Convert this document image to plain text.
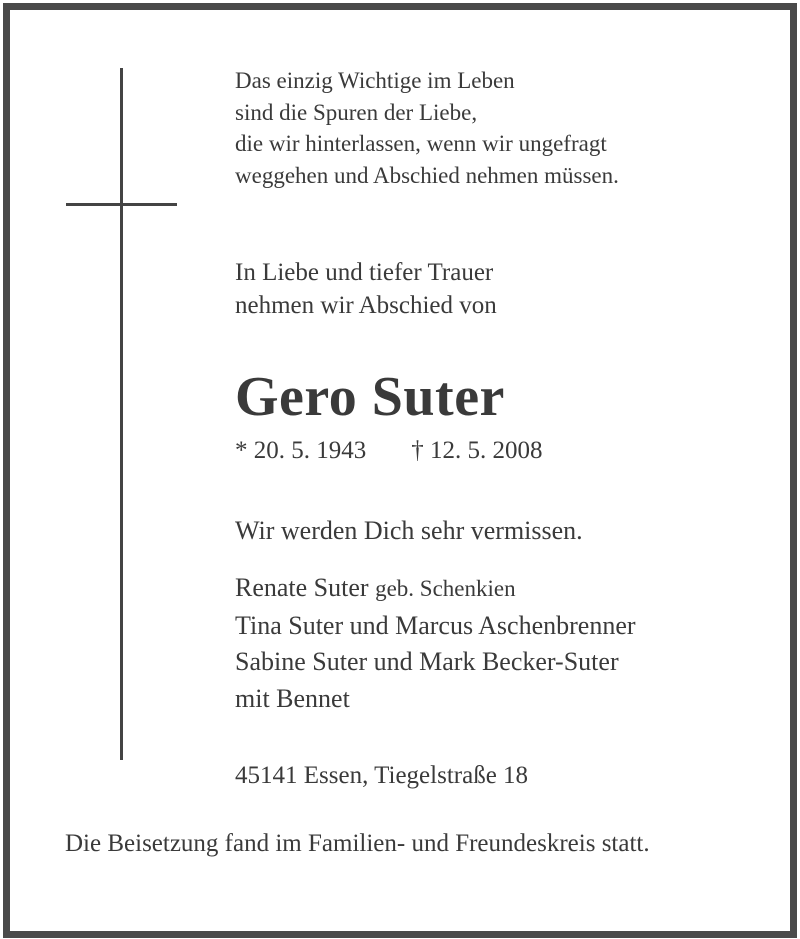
Das einzig Wichtige im Leben
sind die Spuren der Liebe,
die wir hinterlassen, wenn wir ungefragt
weggehen und Abschied nehmen müssen.
In Liebe und tiefer Trauer
nehmen wir Abschied von
Gero Suter
* 20. 5. 1943 † 12. 5. 2008
Wir werden Dich sehr vermissen.
Renate Suter geb. Schenkien
Tina Suter und Marcus Aschenbrenner
Sabine Suter und Mark Becker-Suter
mit Bennet
45141 Essen, Tiegelstraße 18
Die Beisetzung fand im Familien- und Freundeskreis statt.
